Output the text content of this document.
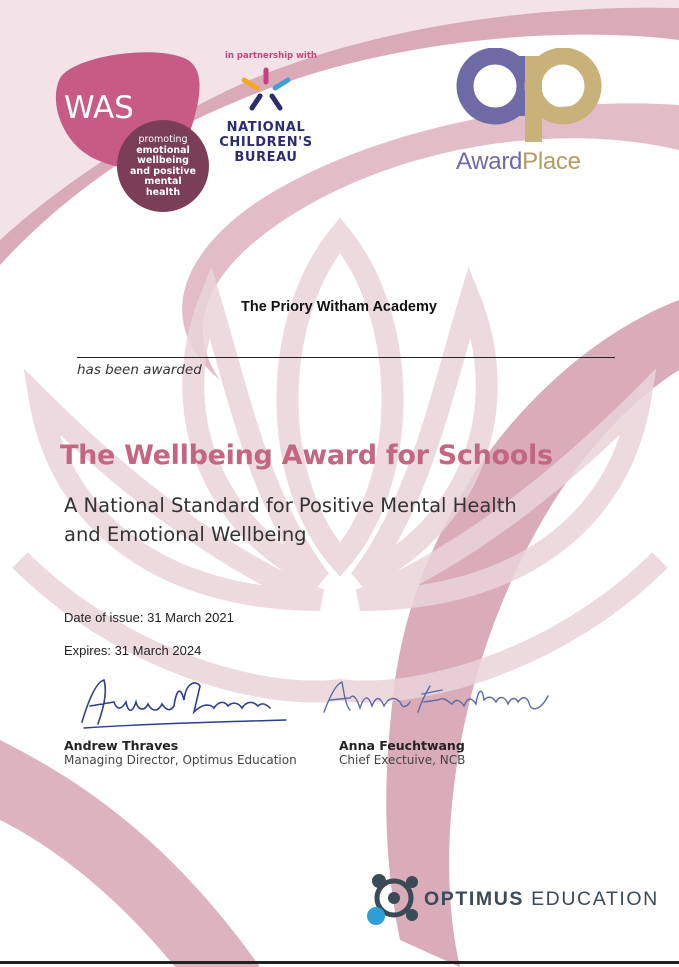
WAS
promoting
emotional
wellbeing
and positive
mental
health
in partnership with
NATIONAL
CHILDREN'S
BUREAU	AwardPlace
The Priory Witham Academy
has been awarded
The Wellbeing Award for Schools
A National Standard for Positive Mental Health
and Emotional Wellbeing
Date of issue: 31 March 2021
Expires: 31 March 2024
Andrew Thraves
Managing Director, Optimus Education
Anna Feuchtwang
Chief Exectuive, NCB
OPTIMUS EDUCATION
